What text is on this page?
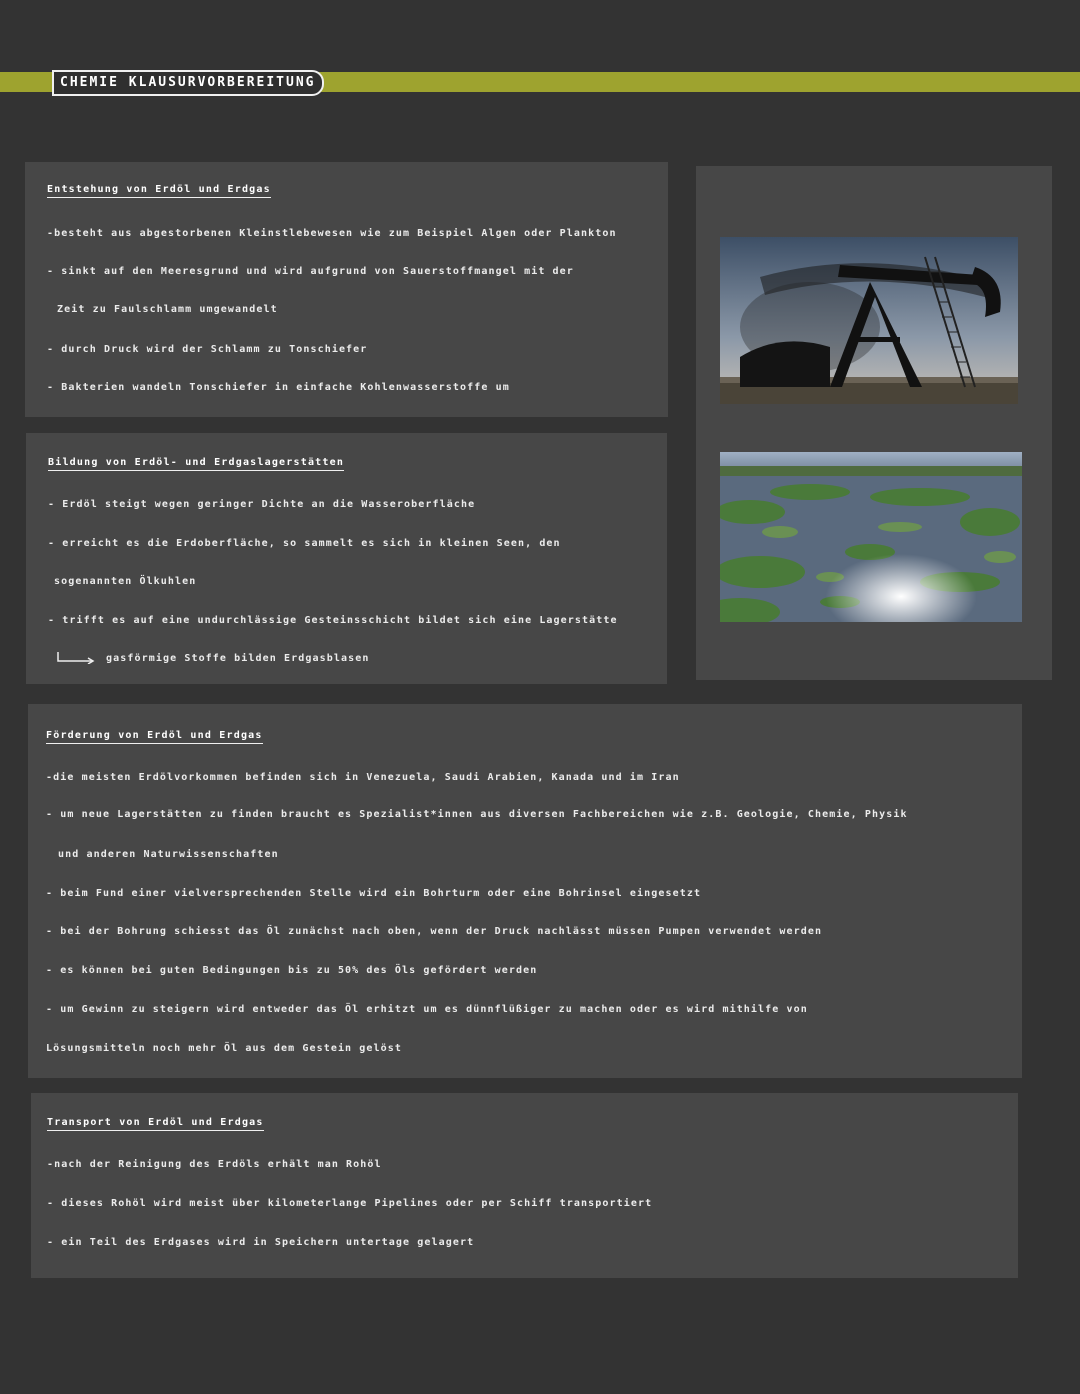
CHEMIE KLAUSURVORBEREITUNG
Entstehung von Erdöl und Erdgas
-besteht aus abgestorbenen Kleinstlebewesen wie zum Beispiel Algen oder Plankton
- sinkt auf den Meeresgrund und wird aufgrund von Sauerstoffmangel mit der
Zeit zu Faulschlamm umgewandelt
- durch Druck wird der Schlamm zu Tonschiefer
- Bakterien wandeln Tonschiefer in einfache Kohlenwasserstoffe um
Bildung von Erdöl- und Erdgaslagerstätten
- Erdöl steigt wegen geringer Dichte an die Wasseroberfläche
- erreicht es die Erdoberfläche, so sammelt es sich in kleinen Seen, den
sogenannten Ölkuhlen
- trifft es auf eine undurchlässige Gesteinsschicht bildet sich eine Lagerstätte
gasförmige Stoffe bilden Erdgasblasen
Förderung von Erdöl und Erdgas
-die meisten Erdölvorkommen befinden sich in Venezuela, Saudi Arabien, Kanada und im Iran
- um neue Lagerstätten zu finden braucht es Spezialist*innen aus diversen Fachbereichen wie z.B. Geologie, Chemie, Physik
und anderen Naturwissenschaften
- beim Fund einer vielversprechenden Stelle wird ein Bohrturm oder eine Bohrinsel eingesetzt
- bei der Bohrung schiesst das Öl zunächst nach oben, wenn der Druck nachlässt müssen Pumpen verwendet werden
- es können bei guten Bedingungen bis zu 50% des Öls gefördert werden
- um Gewinn zu steigern wird entweder das Öl erhitzt um es dünnflüßiger zu machen oder es wird mithilfe von
Lösungsmitteln noch mehr Öl aus dem Gestein gelöst
Transport von Erdöl und Erdgas
-nach der Reinigung des Erdöls erhält man Rohöl
- dieses Rohöl wird meist über kilometerlange Pipelines oder per Schiff transportiert
- ein Teil des Erdgases wird in Speichern untertage gelagert
